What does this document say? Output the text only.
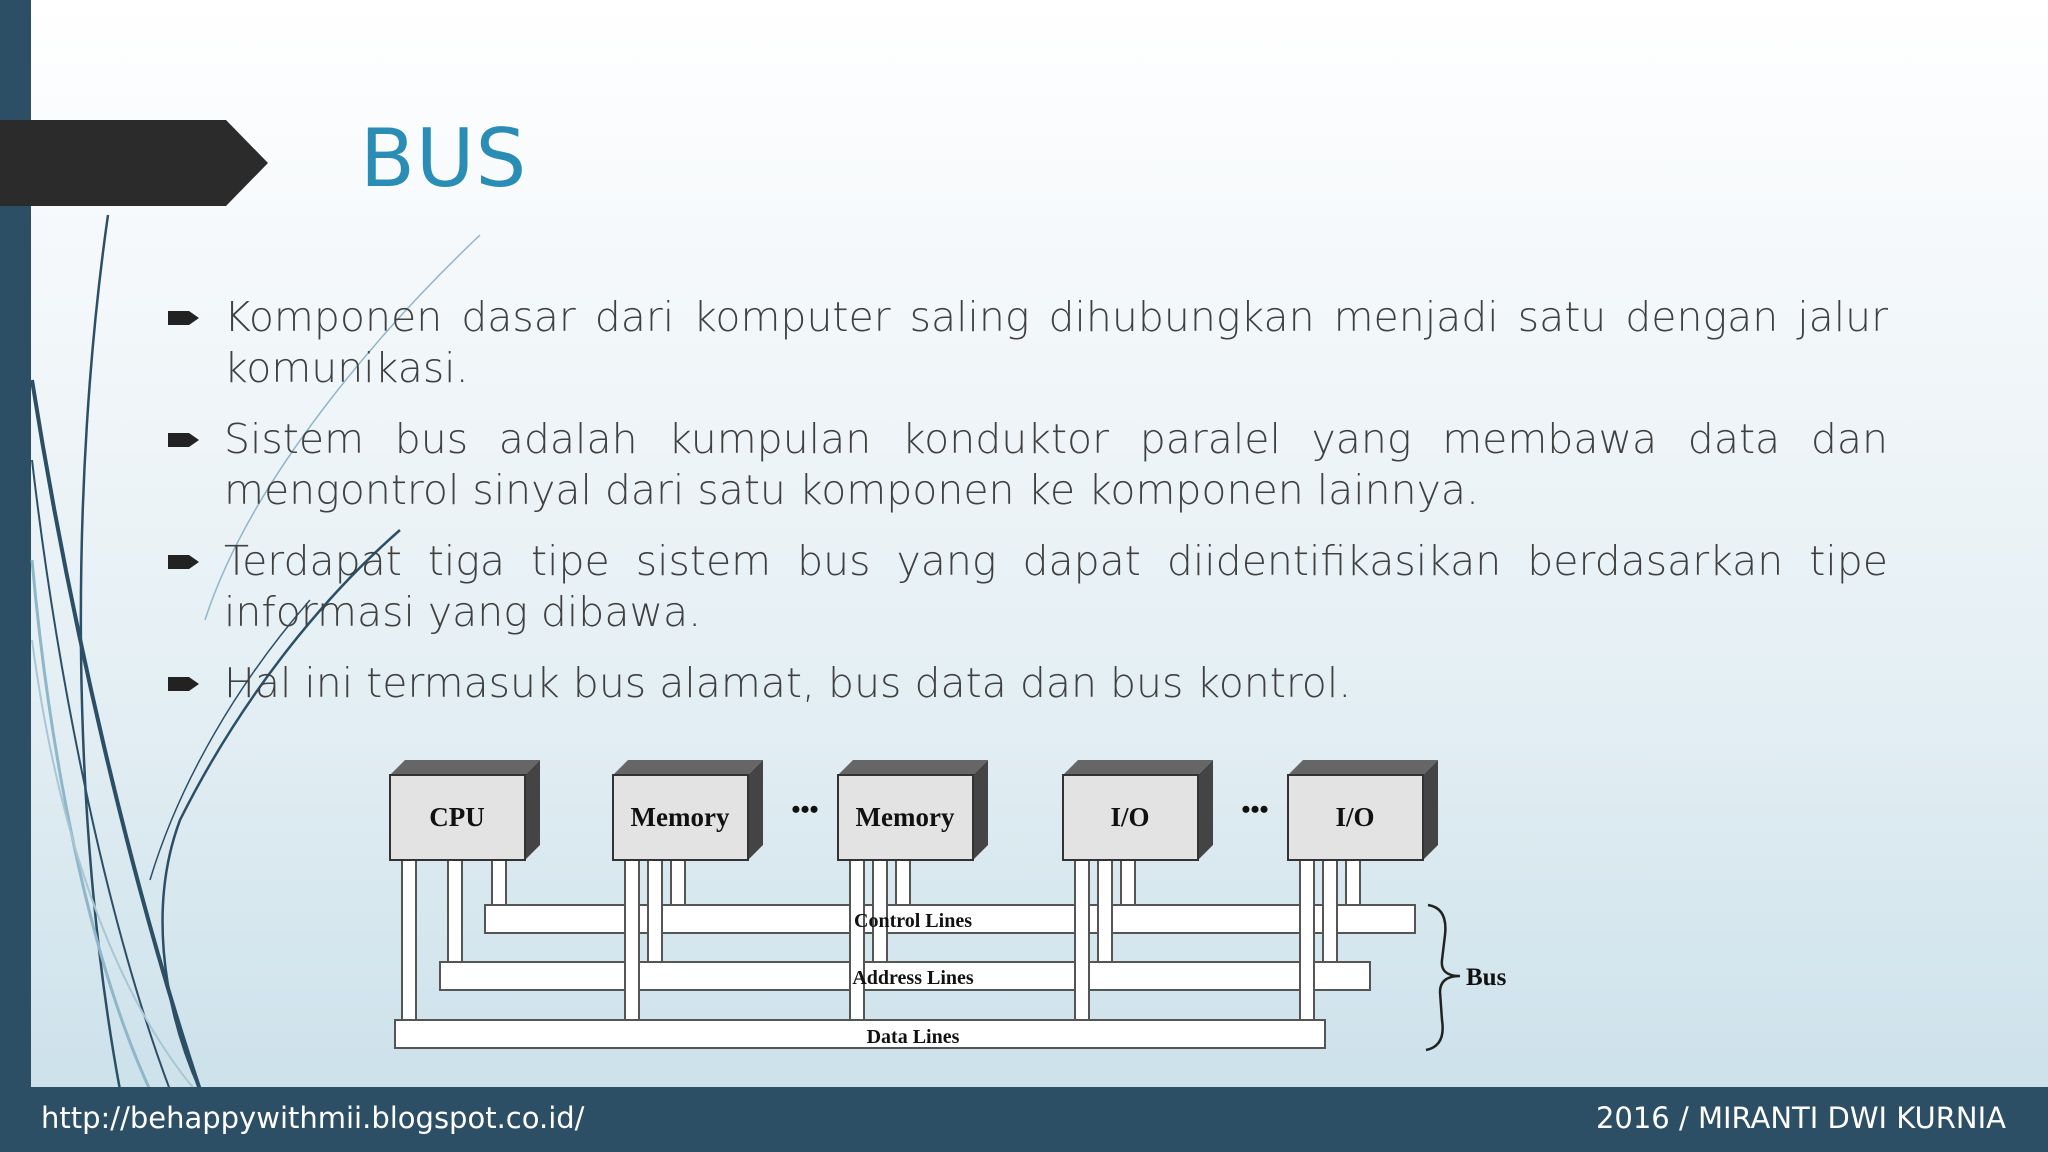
BUS
Komponen dasar dari komputer saling dihubungkan menjadi satu dengan jalur komunikasi.
Sistem bus adalah kumpulan konduktor paralel yang membawa data dan mengontrol sinyal dari satu komponen ke komponen lainnya.
Terdapat tiga tipe sistem bus yang dapat diidentifikasikan berdasarkan tipe informasi yang dibawa.
Hal ini termasuk bus alamat, bus data dan bus kontrol.
CPU	Memory	Memory	I/O	I/O
•••	•••
Control Lines
Address Lines
Data Lines
Bus
http://behappywithmii.blogspot.co.id/	2016 / MIRANTI DWI KURNIA
